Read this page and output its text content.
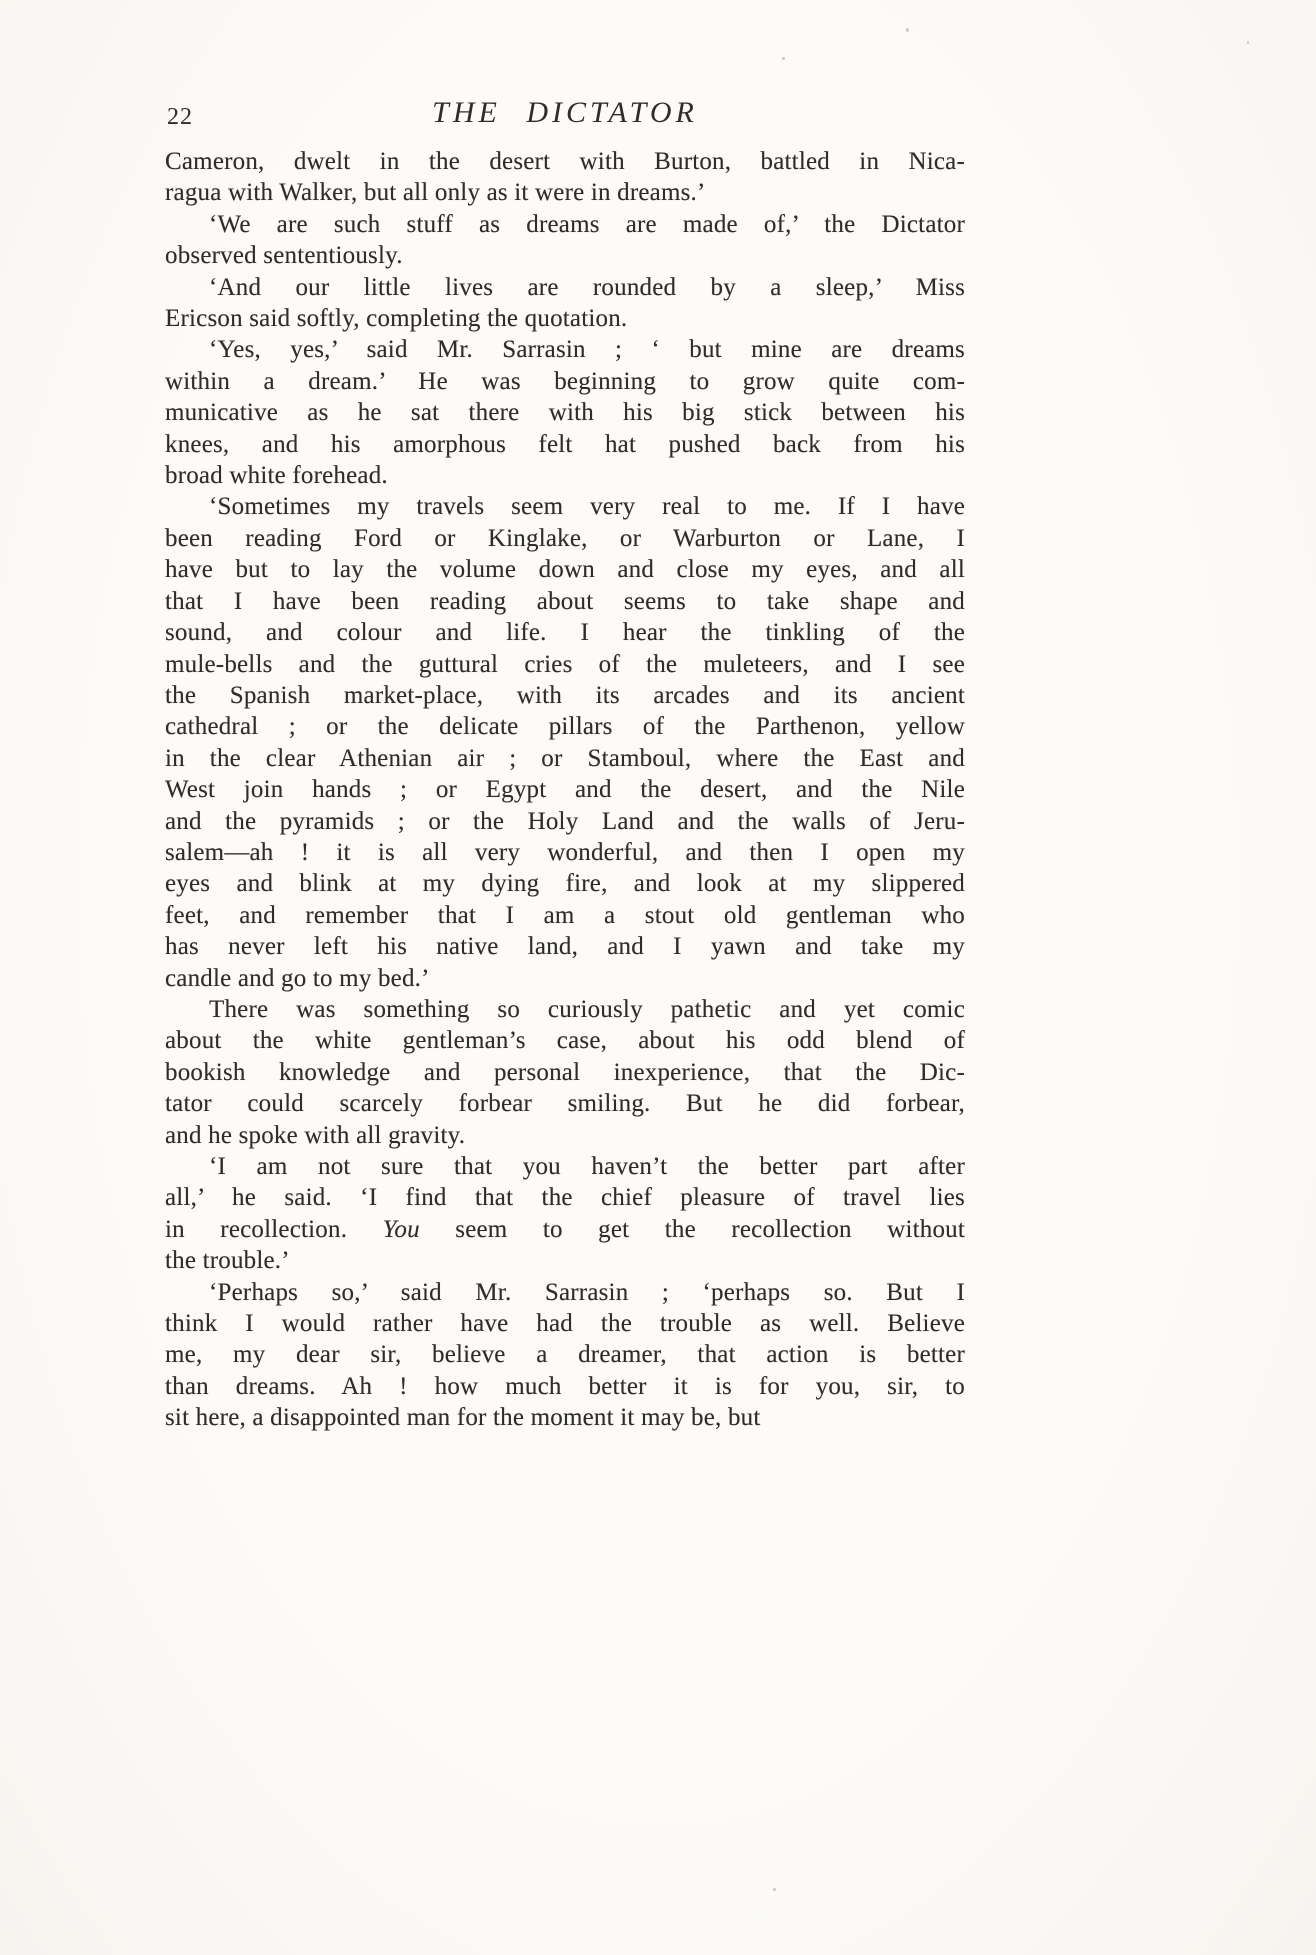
22	THE DICTATOR
Cameron, dwelt in the desert with Burton, battled in Nica-
ragua with Walker, but all only as it were in dreams.’
‘We are such stuff as dreams are made of,’ the Dictator
observed sententiously.
‘And our little lives are rounded by a sleep,’ Miss
Ericson said softly, completing the quotation.
‘Yes, yes,’ said Mr. Sarrasin ; ‘ but mine are dreams
within a dream.’ He was beginning to grow quite com-
municative as he sat there with his big stick between his
knees, and his amorphous felt hat pushed back from his
broad white forehead.
‘Sometimes my travels seem very real to me. If I have
been reading Ford or Kinglake, or Warburton or Lane, I
have but to lay the volume down and close my eyes, and all
that I have been reading about seems to take shape and
sound, and colour and life. I hear the tinkling of the
mule-bells and the guttural cries of the muleteers, and I see
the Spanish market-place, with its arcades and its ancient
cathedral ; or the delicate pillars of the Parthenon, yellow
in the clear Athenian air ; or Stamboul, where the East and
West join hands ; or Egypt and the desert, and the Nile
and the pyramids ; or the Holy Land and the walls of Jeru-
salem—ah ! it is all very wonderful, and then I open my
eyes and blink at my dying fire, and look at my slippered
feet, and remember that I am a stout old gentleman who
has never left his native land, and I yawn and take my
candle and go to my bed.’
There was something so curiously pathetic and yet comic
about the white gentleman’s case, about his odd blend of
bookish knowledge and personal inexperience, that the Dic-
tator could scarcely forbear smiling. But he did forbear,
and he spoke with all gravity.
‘I am not sure that you haven’t the better part after
all,’ he said. ‘I find that the chief pleasure of travel lies
in recollection. You seem to get the recollection without
the trouble.’
‘Perhaps so,’ said Mr. Sarrasin ; ‘perhaps so. But I
think I would rather have had the trouble as well. Believe
me, my dear sir, believe a dreamer, that action is better
than dreams. Ah ! how much better it is for you, sir, to
sit here, a disappointed man for the moment it may be, but
